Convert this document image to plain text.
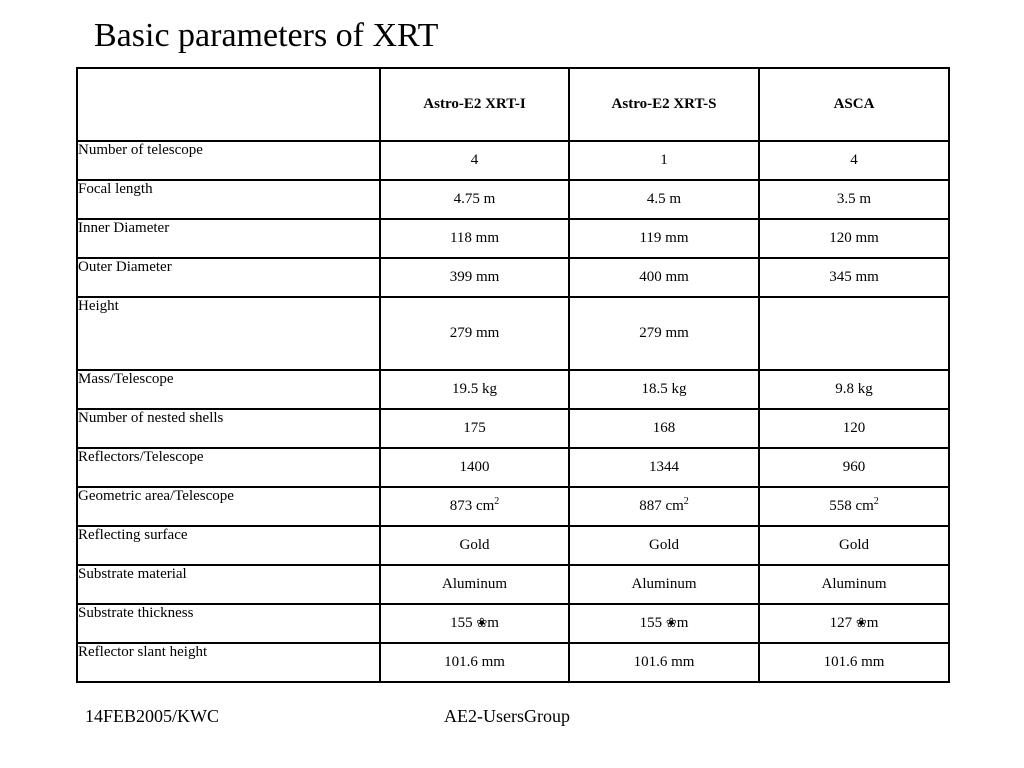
Basic parameters of XRT
	Astro-E2 XRT-I	Astro-E2 XRT-S	ASCA
Number of telescope	4	1	4
Focal length	4.75 m	4.5 m	3.5 m
Inner Diameter	118 mm	119 mm	120 mm
Outer Diameter	399 mm	400 mm	345 mm
Height	279 mm	279 mm	
Mass/Telescope	19.5 kg	18.5 kg	9.8 kg
Number of nested shells	175	168	120
Reflectors/Telescope	1400	1344	960
Geometric area/Telescope	873 $cm^2$	887 $cm^2$	558 $cm^2$
Reflecting surface	Gold	Gold	Gold
Substrate material	Aluminum	Aluminum	Aluminum
Substrate thickness	155 ❀m	155 ❀m	127 ❀m
Reflector slant height	101.6 mm	101.6 mm	101.6 mm
14FEB2005/KWC	AE2-UsersGroup
